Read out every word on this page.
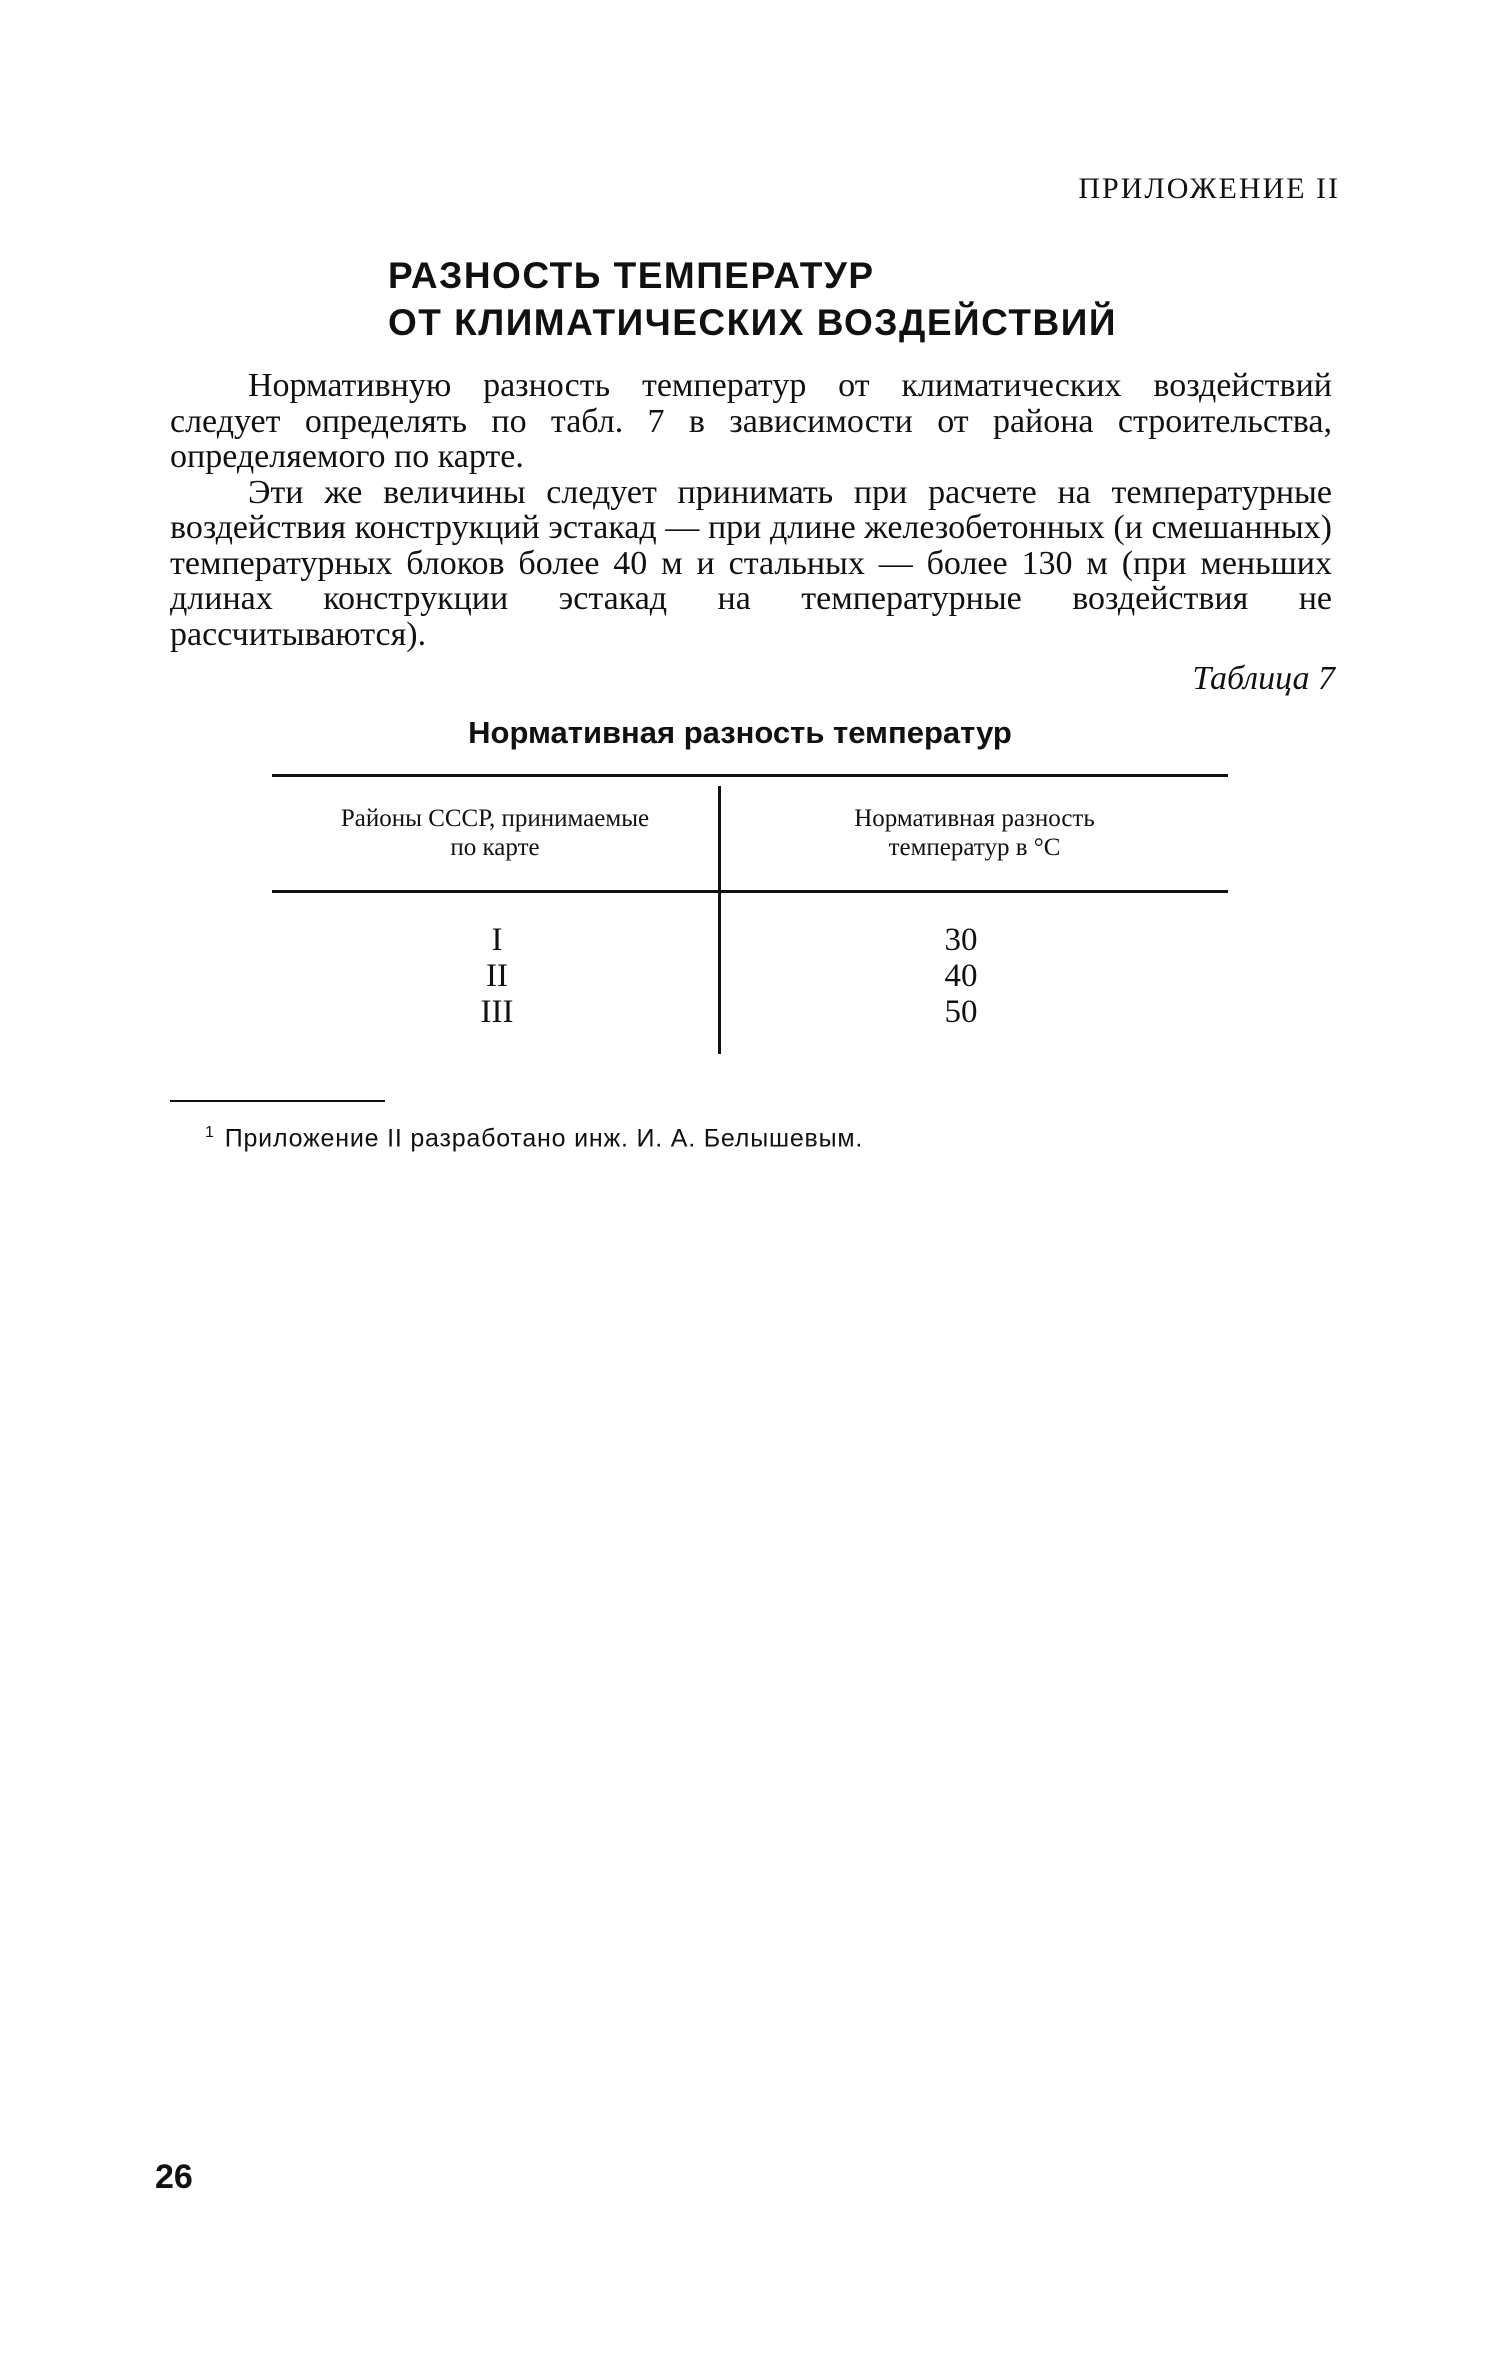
ПРИЛОЖЕНИЕ II
РАЗНОСТЬ ТЕМПЕРАТУР
ОТ КЛИМАТИЧЕСКИХ ВОЗДЕЙСТВИЙ

Нормативную разность температур от климатических воздействий следует определять по табл. 7 в зависимости от района строительства, определяемого по карте.

Эти же величины следует принимать при расчете на температурные воздействия конструкций эстакад — при длине железобетонных (и смешанных) температурных блоков более 40 м и стальных — более 130 м (при меньших длинах конструкции эстакад на температурные воздействия не рассчитываются).

Таблица 7
Нормативная разность температур
Районы СССР, принимаемые
по карте
Нормативная разность
температур в °С
I
II
III
30
40
50
$^1$ Приложение II разработано инж. И. А. Белышевым.
26
